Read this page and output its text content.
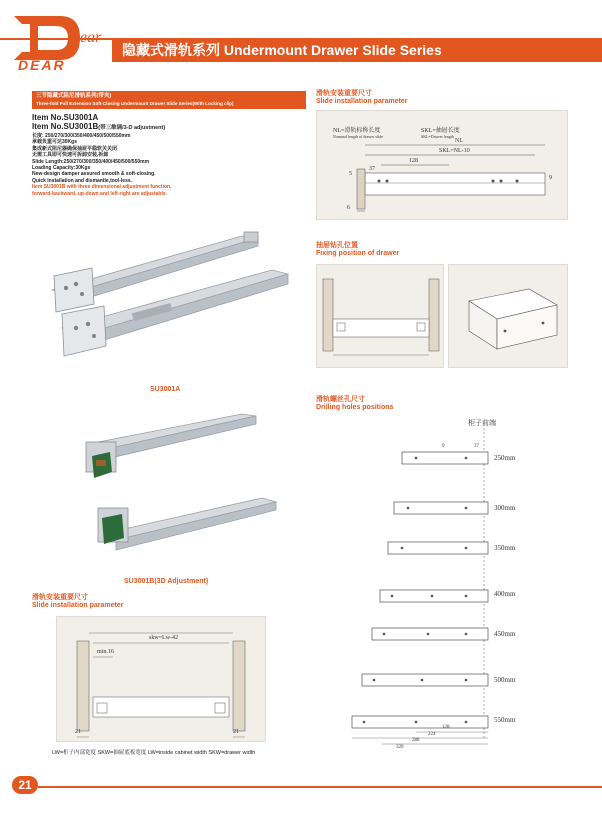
DEAR
隐藏式滑轨系列 Undermount Drawer Slide Series
三节隐藏式阻尼滑轨系列(带夹)
Three-fold Full Extension Soft-Closing Undermount Drawer Slide Series(With Locking clip)
Item No.SU3001A
Item No.SU3001B(带三维调/3-D adjustment)
长度: 250/270/300/350/400/450/500/550mm
承载负重可达30Kgs
集成新式阻尼器确保抽屉平稳软关关闭
无需工具即可快速可拆卸安装,拆卸
Slide Length:250/270/300/350/400/450/500/550mm
Loading Capacity:30Kgs
New-design damper assured smooth & soft-closing.
Quick installation and dismantle,tool-less.
Item SU3001B with three dimensional adjustment function,
forward-backward, up-down and left-right are adjustable.
SU3001A
SU3001B(3D Adjustment)
滑轨安装重要尺寸
Slide installation parameter
NL=滑轨标称长度
Nominal length of drawer slide
SKL=抽屉长度
SKL=Drawer length
NL
SKL=NL-10
128
37
9
6
5
抽屉钻孔位置
Fixing position of drawer
滑轨螺丝孔尺寸
Drilling holes positions
柜子前端
250mm
300mm
350mm
400mm
450mm
500mm
550mm
37
9
128
224
288
320
滑轨安装重要尺寸
Slide installation parameter
skw=Lw-42
min.16
21	21
LW=柜子内部宽度 SKW=抽屉底板宽度 LW=inside cabinet width SKW=drawer width
21
